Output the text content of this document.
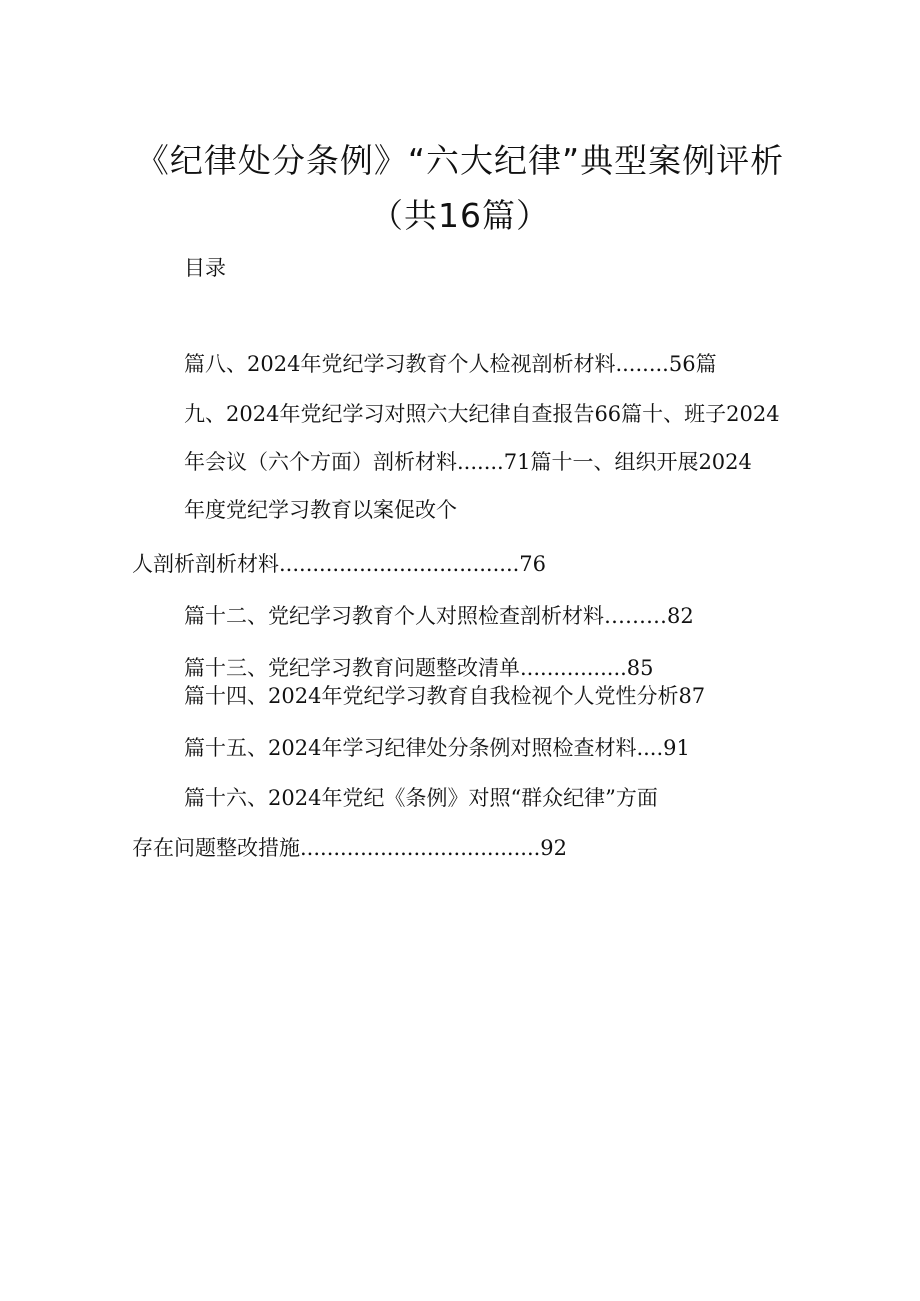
《纪律处分条例》“六大纪律”典型案例评析
（共16篇）
目录
篇八、2024年党纪学习教育个人检视剖析材料........56篇
九、2024年党纪学习对照六大纪律自查报告66篇十、班子2024
年会议（六个方面）剖析材料.......71篇十一、组织开展2024
年度党纪学习教育以案促改个
人剖析剖析材料....................................76
篇十二、党纪学习教育个人对照检查剖析材料………82
篇十三、党纪学习教育问题整改清单................85
篇十四、2024年党纪学习教育自我检视个人党性分析87
篇十五、2024年学习纪律处分条例对照检查材料....91
篇十六、2024年党纪《条例》对照“群众纪律”方面
存在问题整改措施....................................92
